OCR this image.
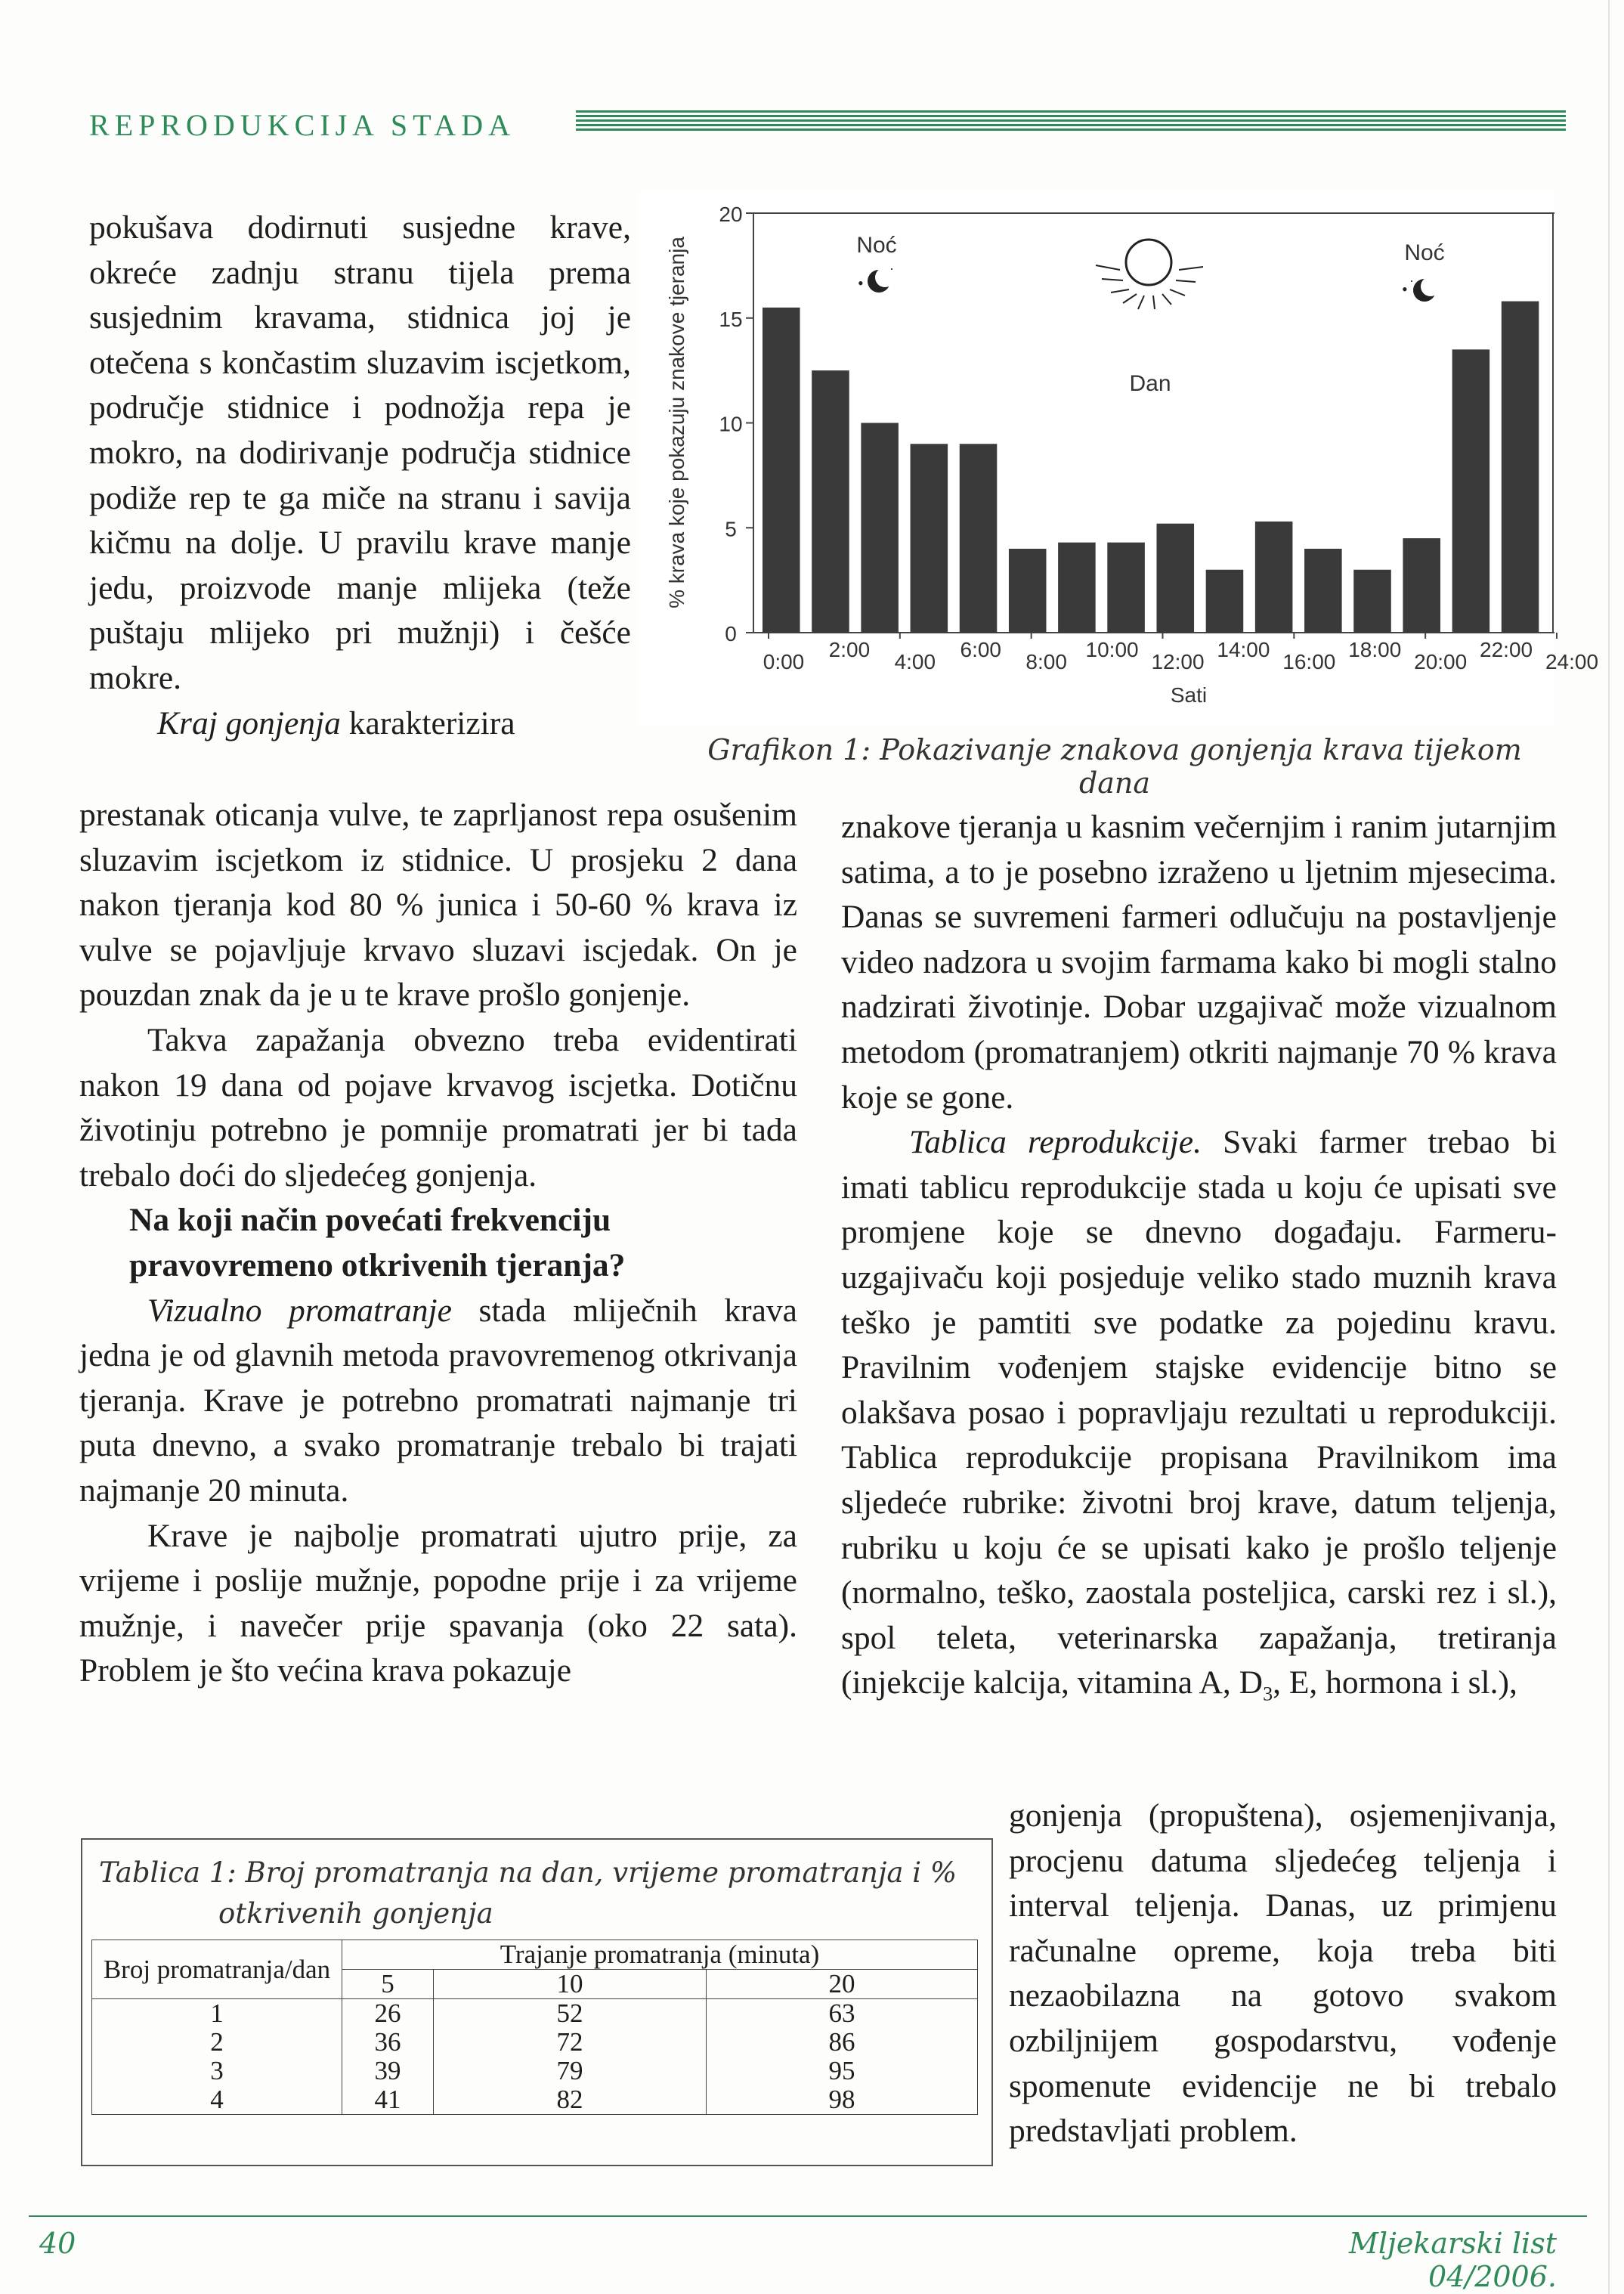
REPRODUKCIJA STADA

pokušava dodirnuti susjedne krave, okreće zadnju stranu tijela prema susjednim kravama, stidnica joj je otečena s končastim sluzavim iscjetkom, područje stidnice i podnožja repa je mokro, na dodirivanje područja stidnice podiže rep te ga miče na stranu i savija kičmu na dolje. U pravilu krave manje jedu, proizvode manje mlijeka (teže puštaju mlijeko pri mužnji) i češće mokre.

Kraj gonjenja karakterizira

prestanak oticanja vulve, te zaprljanost repa osušenim sluzavim iscjetkom iz stidnice. U prosjeku 2 dana nakon tjeranja kod 80 % junica i 50-60 % krava iz vulve se pojavljuje krvavo sluzavi iscjedak. On je pouzdan znak da je u te krave prošlo gonjenje.

Takva zapažanja obvezno treba evidentirati nakon 19 dana od pojave krvavog iscjetka. Dotičnu životinju potrebno je pomnije promatrati jer bi tada trebalo doći do sljedećeg gonjenja.

Na koji način povećati frekvenciju pravovremeno otkrivenih tjeranja?

Vizualno promatranje stada mliječnih krava jedna je od glavnih metoda pravovremenog otkrivanja tjeranja. Krave je potrebno promatrati najmanje tri puta dnevno, a svako promatranje trebalo bi trajati najmanje 20 minuta.

Krave je najbolje promatrati ujutro prije, za vrijeme i poslije mužnje, popodne prije i za vrijeme mužnje, i navečer prije spavanja (oko 22 sata). Problem je što većina krava pokazuje

•
·
• ·
0
5
10
15
20
% krava koje pokazuju znakove tjeranja
0:00	4:00	8:00	12:00	16:00	20:00	24:00
2:00	6:00	10:00	14:00	18:00	22:00
Sati
Noć	Noć
Dan
Grafikon 1: Pokazivanje znakova gonjenja krava tijekom dana

znakove tjeranja u kasnim večernjim i ranim jutarnjim satima, a to je posebno izraženo u ljetnim mjesecima. Danas se suvremeni farmeri odlučuju na postavljenje video nadzora u svojim farmama kako bi mogli stalno nadzirati životinje. Dobar uzgajivač može vizualnom metodom (promatranjem) otkriti najmanje 70 % krava koje se gone.

Tablica reprodukcije. Svaki farmer trebao bi imati tablicu reprodukcije stada u koju će upisati sve promjene koje se dnevno događaju. Farmeru-uzgajivaču koji posjeduje veliko stado muznih krava teško je pamtiti sve podatke za pojedinu kravu. Pravilnim vođenjem stajske evidencije bitno se olakšava posao i popravljaju rezultati u reprodukciji. Tablica reprodukcije propisana Pravilnikom ima sljedeće rubrike: životni broj krave, datum teljenja, rubriku u koju će se upisati kako je prošlo teljenje (normalno, teško, zaostala posteljica, carski rez i sl.), spol teleta, veterinarska zapažanja, tretiranja (injekcije kalcija, vitamina A, $D_3$, E, hormona i sl.),

gonjenja (propuštena), osjemenjivanja, procjenu datuma sljedećeg teljenja i interval teljenja. Danas, uz primjenu računalne opreme, koja treba biti nezaobilazna na gotovo svakom ozbiljnijem gospodarstvu, vođenje spomenute evidencije ne bi trebalo predstavljati problem.

Tablica 1: Broj promatranja na dan, vrijeme promatranja i %
otkrivenih gonjenja
Broj promatranja/dan	Trajanje promatranja (minuta)		
	5	10	20
1	26	52	63
2	36	72	86
3	39	79	95
4	41	82	98
40	Mljekarski list 04/2006.
